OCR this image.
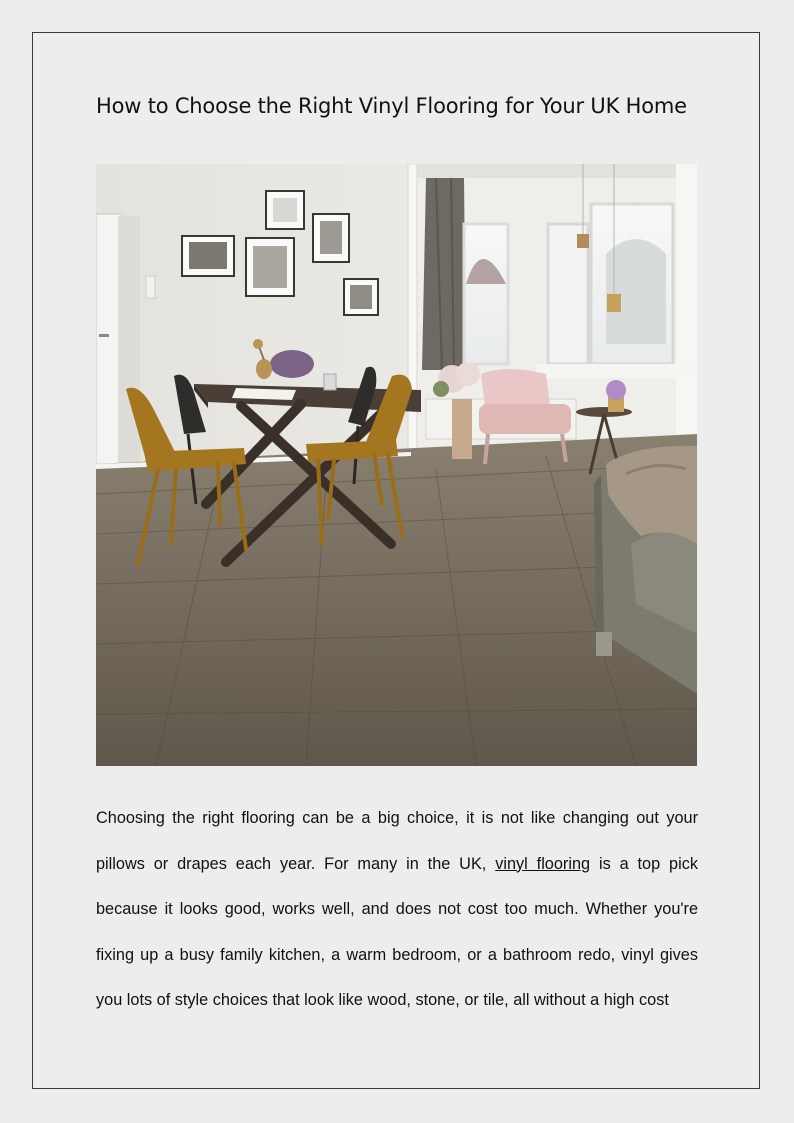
How to Choose the Right Vinyl Flooring for Your UK Home

Choosing the right flooring can be a big choice, it is not like changing out your pillows or drapes each year. For many in the UK, vinyl flooring is a top pick because it looks good, works well, and does not cost too much. Whether you're fixing up a busy family kitchen, a warm bedroom, or a bathroom redo, vinyl gives you lots of style choices that look like wood, stone, or tile, all without a high cost
